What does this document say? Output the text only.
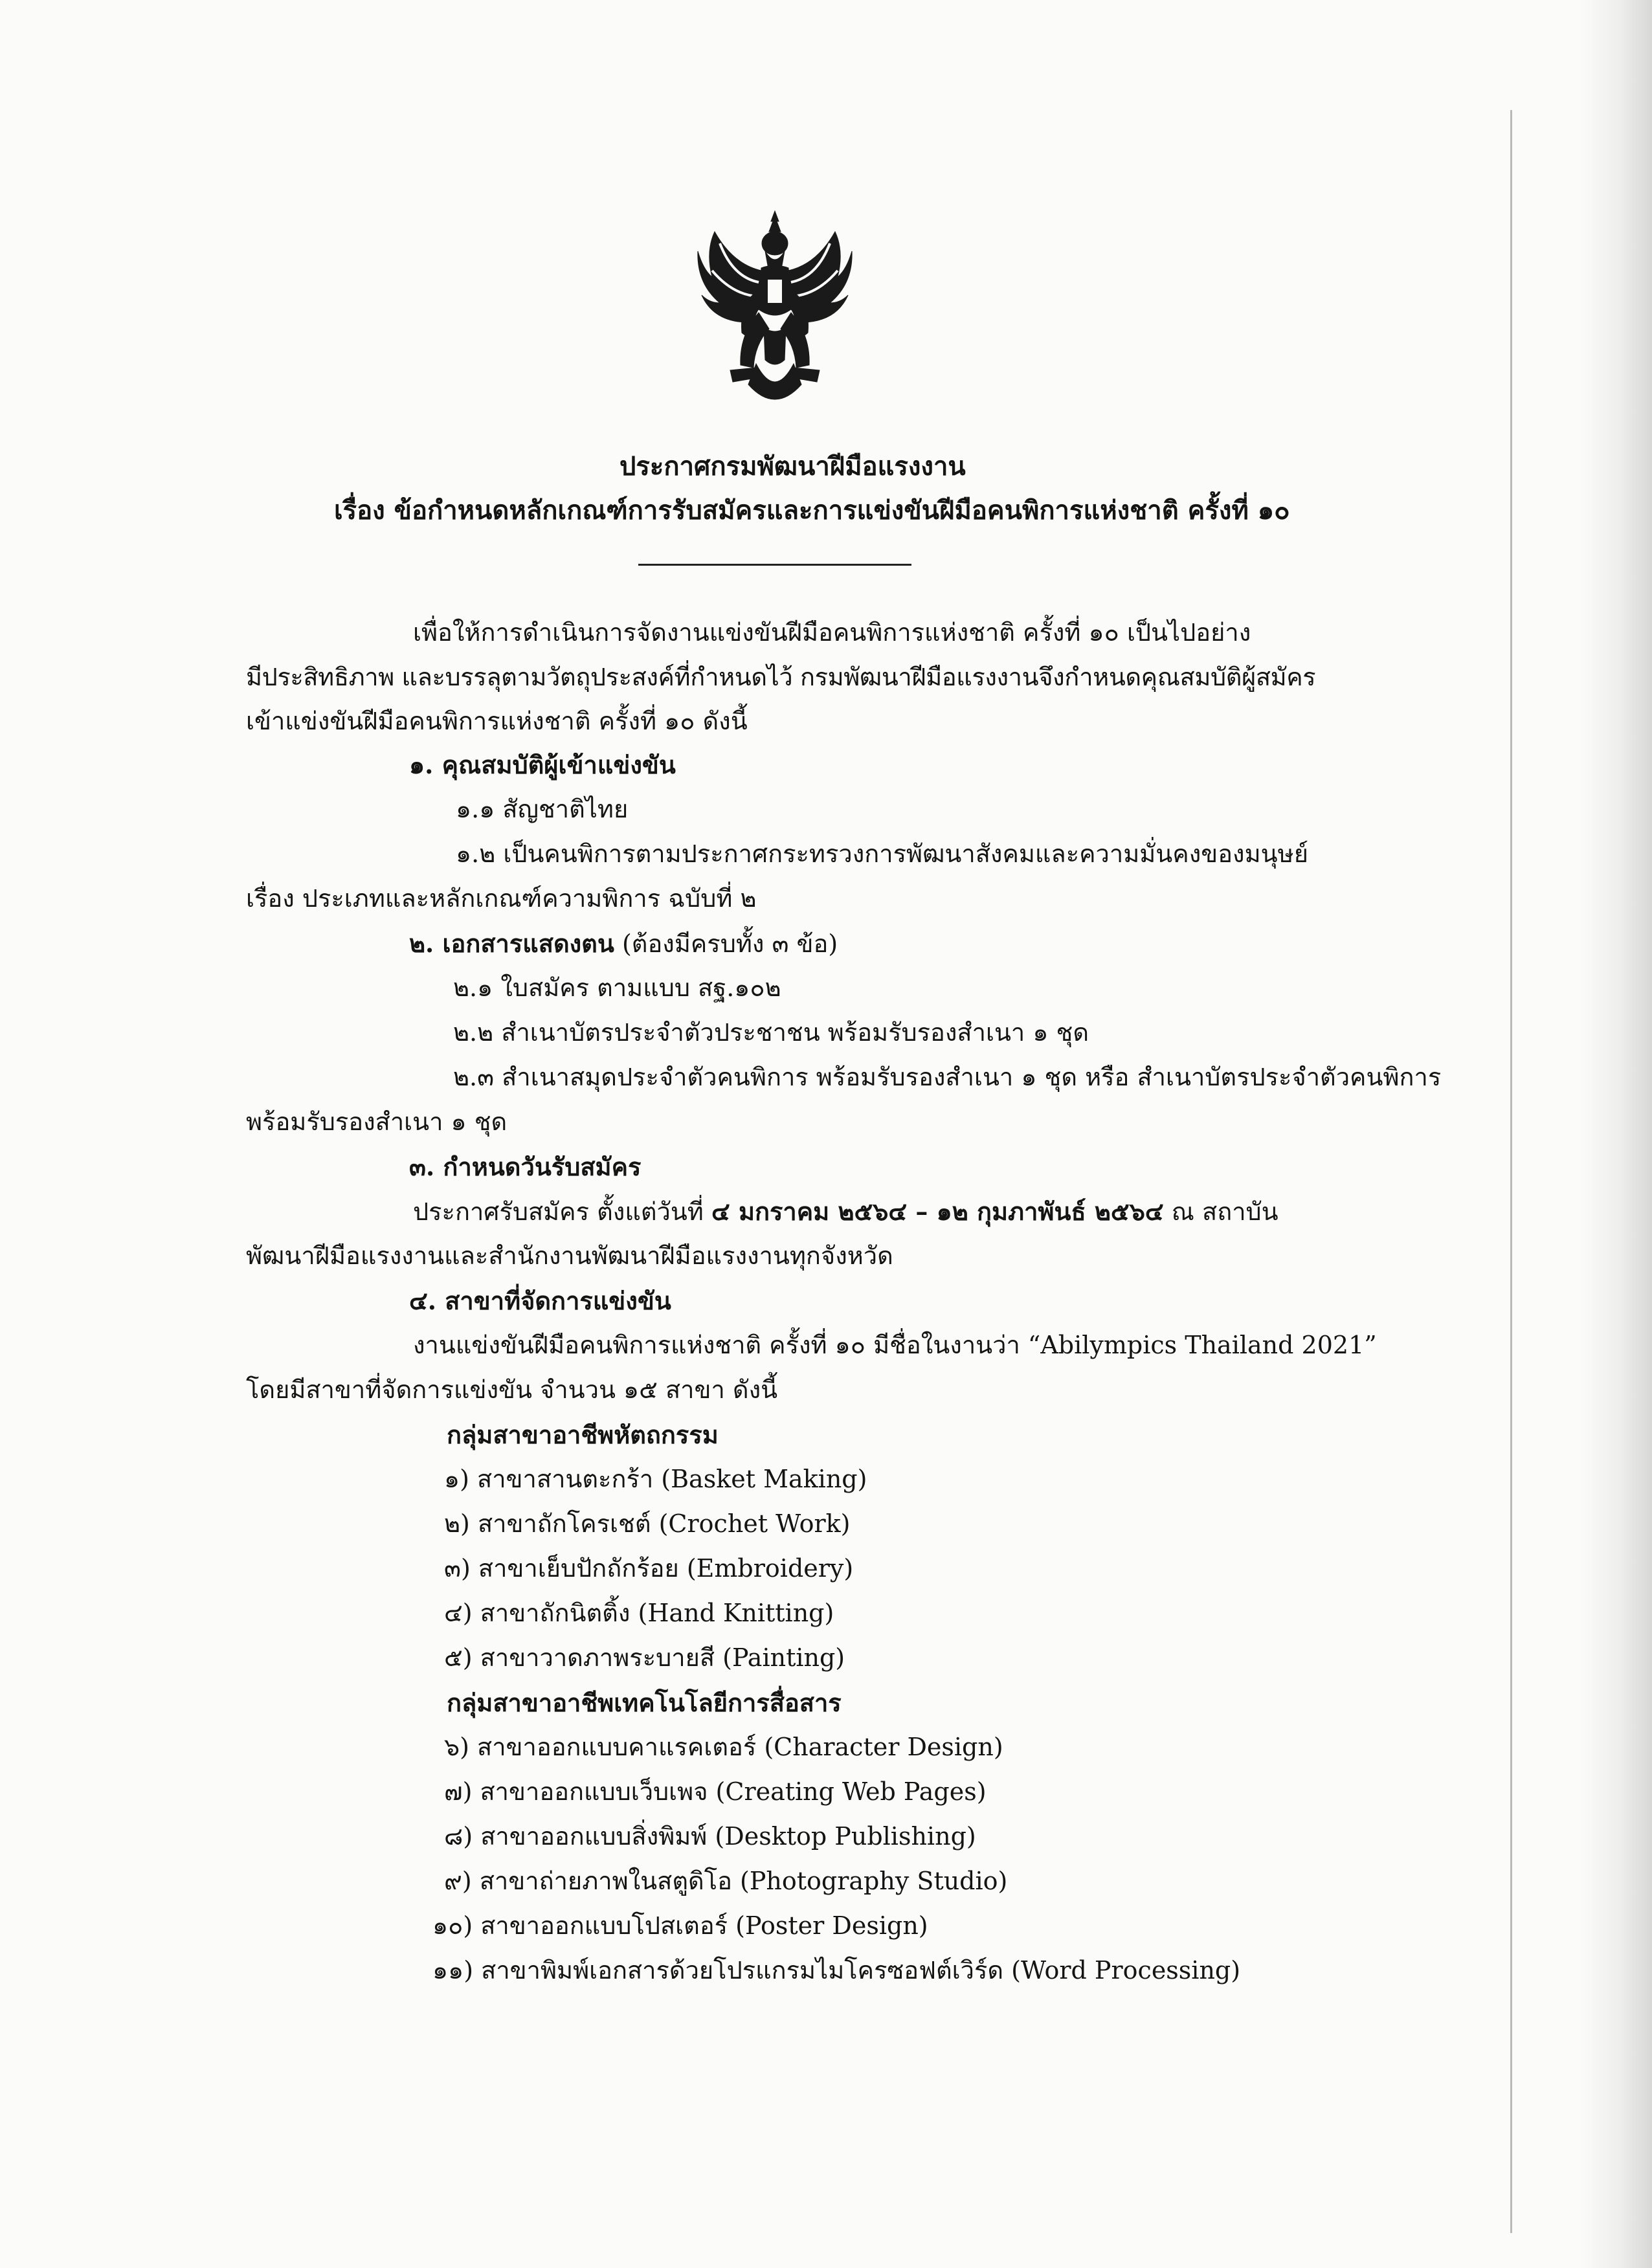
ประกาศกรมพัฒนาฝีมือแรงงาน
เรื่อง ข้อกำหนดหลักเกณฑ์การรับสมัครและการแข่งขันฝีมือคนพิการแห่งชาติ ครั้งที่ ๑๐
เพื่อให้การดำเนินการจัดงานแข่งขันฝีมือคนพิการแห่งชาติ ครั้งที่ ๑๐ เป็นไปอย่าง
มีประสิทธิภาพ และบรรลุตามวัตถุประสงค์ที่กำหนดไว้ กรมพัฒนาฝีมือแรงงานจึงกำหนดคุณสมบัติผู้สมัคร
เข้าแข่งขันฝีมือคนพิการแห่งชาติ ครั้งที่ ๑๐ ดังนี้
๑. คุณสมบัติผู้เข้าแข่งขัน
๑.๑ สัญชาติไทย
๑.๒ เป็นคนพิการตามประกาศกระทรวงการพัฒนาสังคมและความมั่นคงของมนุษย์
เรื่อง ประเภทและหลักเกณฑ์ความพิการ ฉบับที่ ๒
๒. เอกสารแสดงตน (ต้องมีครบทั้ง ๓ ข้อ)
๒.๑ ใบสมัคร ตามแบบ สฐ.๑๐๒
๒.๒ สำเนาบัตรประจำตัวประชาชน พร้อมรับรองสำเนา ๑ ชุด
๒.๓ สำเนาสมุดประจำตัวคนพิการ พร้อมรับรองสำเนา ๑ ชุด หรือ สำเนาบัตรประจำตัวคนพิการ
พร้อมรับรองสำเนา ๑ ชุด
๓. กำหนดวันรับสมัคร
ประกาศรับสมัคร ตั้งแต่วันที่ ๔ มกราคม ๒๕๖๔ – ๑๒ กุมภาพันธ์ ๒๕๖๔ ณ สถาบัน
พัฒนาฝีมือแรงงานและสำนักงานพัฒนาฝีมือแรงงานทุกจังหวัด
๔. สาขาที่จัดการแข่งขัน
งานแข่งขันฝีมือคนพิการแห่งชาติ ครั้งที่ ๑๐ มีชื่อในงานว่า “Abilympics Thailand 2021”
โดยมีสาขาที่จัดการแข่งขัน จำนวน ๑๕ สาขา ดังนี้
กลุ่มสาขาอาชีพหัตถกรรม
๑) สาขาสานตะกร้า (Basket Making)
๒) สาขาถักโครเชต์ (Crochet Work)
๓) สาขาเย็บปักถักร้อย (Embroidery)
๔) สาขาถักนิตติ้ง (Hand Knitting)
๕) สาขาวาดภาพระบายสี (Painting)
กลุ่มสาขาอาชีพเทคโนโลยีการสื่อสาร
๖) สาขาออกแบบคาแรคเตอร์ (Character Design)
๗) สาขาออกแบบเว็บเพจ (Creating Web Pages)
๘) สาขาออกแบบสิ่งพิมพ์ (Desktop Publishing)
๙) สาขาถ่ายภาพในสตูดิโอ (Photography Studio)
๑๐) สาขาออกแบบโปสเตอร์ (Poster Design)
๑๑) สาขาพิมพ์เอกสารด้วยโปรแกรมไมโครซอฟต์เวิร์ด (Word Processing)
